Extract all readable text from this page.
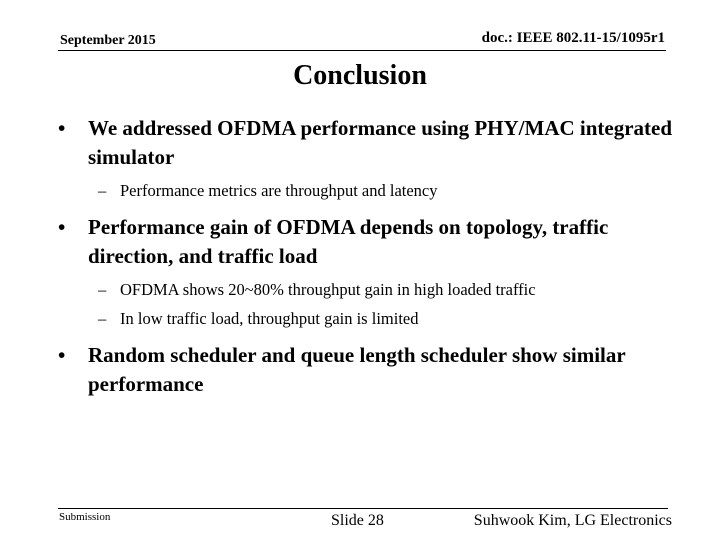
September 2015	doc.: IEEE 802.11-15/1095r1
Conclusion
• We addressed OFDMA performance using PHY/MAC integrated simulator
– Performance metrics are throughput and latency
• Performance gain of OFDMA depends on topology, traffic direction, and traffic load
– OFDMA shows 20~80% throughput gain in high loaded traffic
– In low traffic load, throughput gain is limited
• Random scheduler and queue length scheduler show similar performance
Submission	Slide 28	Suhwook Kim, LG Electronics
